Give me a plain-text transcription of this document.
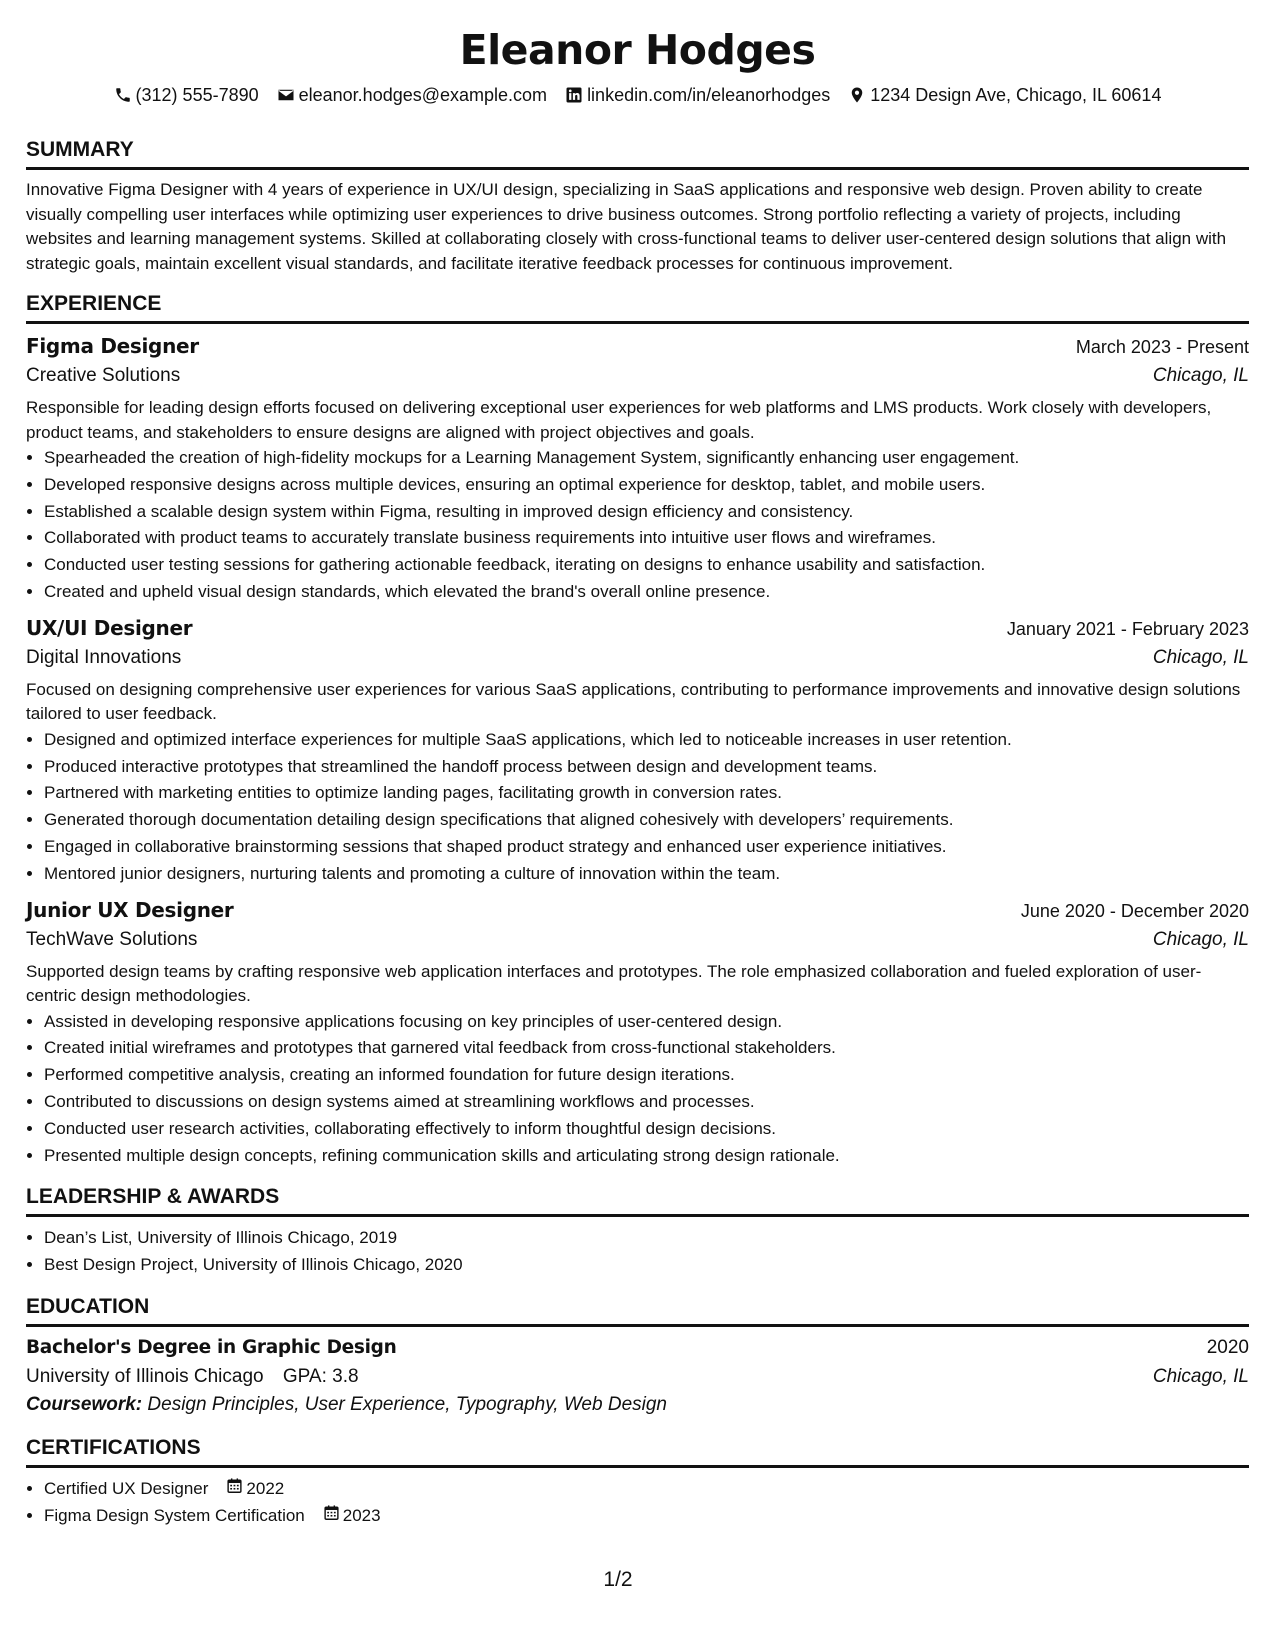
Eleanor Hodges
(312) 555-7890 eleanor.hodges@example.com linkedin.com/in/eleanorhodges 1234 Design Ave, Chicago, IL 60614
SUMMARY

Innovative Figma Designer with 4 years of experience in UX/UI design, specializing in SaaS applications and responsive web design. Proven ability to create visually compelling user interfaces while optimizing user experiences to drive business outcomes. Strong portfolio reflecting a variety of projects, including websites and learning management systems. Skilled at collaborating closely with cross-functional teams to deliver user-centered design solutions that align with strategic goals, maintain excellent visual standards, and facilitate iterative feedback processes for continuous improvement.

EXPERIENCE
Figma Designer	March 2023 - Present
Creative Solutions	Chicago, IL
Responsible for leading design efforts focused on delivering exceptional user experiences for web platforms and LMS products. Work closely with developers, product teams, and stakeholders to ensure designs are aligned with project objectives and goals.
• Spearheaded the creation of high-fidelity mockups for a Learning Management System, significantly enhancing user engagement.
• Developed responsive designs across multiple devices, ensuring an optimal experience for desktop, tablet, and mobile users.
• Established a scalable design system within Figma, resulting in improved design efficiency and consistency.
• Collaborated with product teams to accurately translate business requirements into intuitive user flows and wireframes.
• Conducted user testing sessions for gathering actionable feedback, iterating on designs to enhance usability and satisfaction.
• Created and upheld visual design standards, which elevated the brand's overall online presence.
UX/UI Designer	January 2021 - February 2023
Digital Innovations	Chicago, IL
Focused on designing comprehensive user experiences for various SaaS applications, contributing to performance improvements and innovative design solutions tailored to user feedback.
• Designed and optimized interface experiences for multiple SaaS applications, which led to noticeable increases in user retention.
• Produced interactive prototypes that streamlined the handoff process between design and development teams.
• Partnered with marketing entities to optimize landing pages, facilitating growth in conversion rates.
• Generated thorough documentation detailing design specifications that aligned cohesively with developers’ requirements.
• Engaged in collaborative brainstorming sessions that shaped product strategy and enhanced user experience initiatives.
• Mentored junior designers, nurturing talents and promoting a culture of innovation within the team.
Junior UX Designer	June 2020 - December 2020
TechWave Solutions	Chicago, IL
Supported design teams by crafting responsive web application interfaces and prototypes. The role emphasized collaboration and fueled exploration of user-centric design methodologies.
• Assisted in developing responsive applications focusing on key principles of user-centered design.
• Created initial wireframes and prototypes that garnered vital feedback from cross-functional stakeholders.
• Performed competitive analysis, creating an informed foundation for future design iterations.
• Contributed to discussions on design systems aimed at streamlining workflows and processes.
• Conducted user research activities, collaborating effectively to inform thoughtful design decisions.
• Presented multiple design concepts, refining communication skills and articulating strong design rationale.
LEADERSHIP & AWARDS
• Dean’s List, University of Illinois Chicago, 2019
• Best Design Project, University of Illinois Chicago, 2020
EDUCATION
Bachelor's Degree in Graphic Design	2020
University of Illinois Chicago GPA: 3.8	Chicago, IL
Coursework: Design Principles, User Experience, Typography, Web Design
CERTIFICATIONS
• Certified UX Designer 2022
• Figma Design System Certification 2023
1/2
